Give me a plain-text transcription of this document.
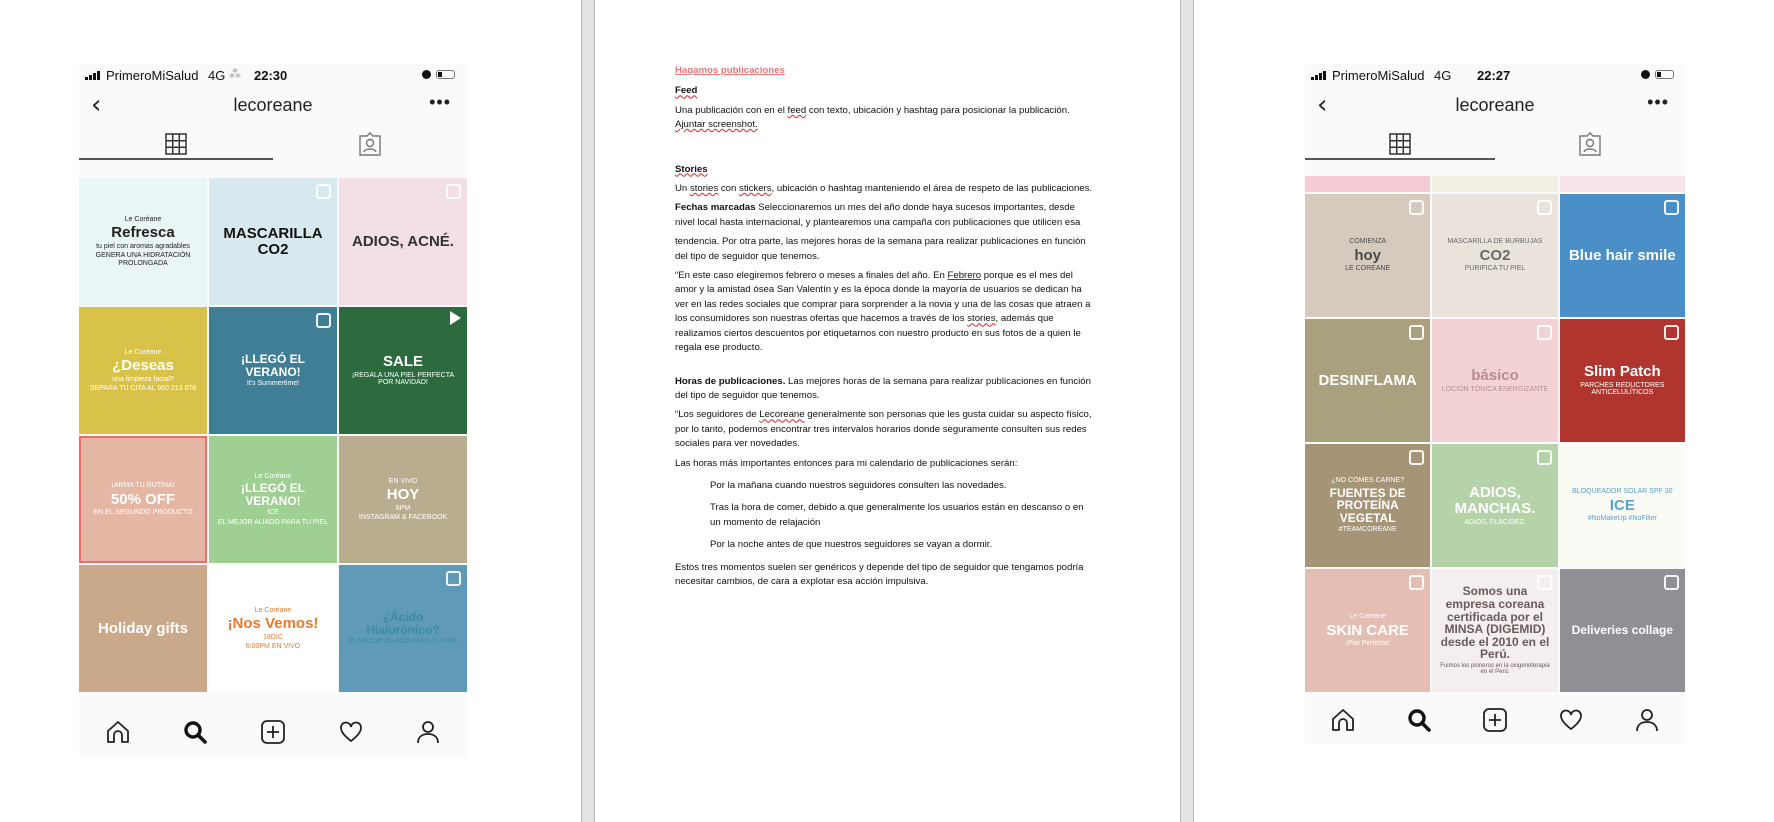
PrimeroMiSalud 4G ⁂ 22:30
‹	lecoreane	•••
Le Coréane
Refresca
tu piel con aromas agradables
GENERA UNA HIDRATACIÓN PROLONGADA
MASCARILLA CO2	ADIOS, ACNÉ.
Le Coréane
¿Deseas
una limpieza facial?
SEPARA TU CITA AL 960 213 076
¡LLEGÓ EL VERANO!
It's Summertime!
SALE
¡REGALA UNA PIEL PERFECTA POR NAVIDAD!
¡ARMA TU RUTINA!
50% OFF
EN EL SEGUNDO PRODUCTO
Le Coréane
¡LLEGÓ EL VERANO!
ICE
EL MEJOR ALIADO PARA TU PIEL
EN VIVO
HOY
6PM
INSTAGRAM & FACEBOOK
Holiday gifts
Le Coréane
¡Nos Vemos!
18DIC
6:00PM EN VIVO
¿Ácido Hialurónico?
EL MEJOR ALIADO PARA TU PIEL

Hagamos publicaciones

Feed

Una publicación con en el feed con texto, ubicación y hashtag para posicionar la publicación.
Ajuntar screenshot.

Stories

Un stories con stickers, ubicación o hashtag manteniendo el área de respeto de las publicaciones.

Fechas marcadas Seleccionaremos un mes del año donde haya sucesos importantes, desde nivel local hasta internacional, y plantearemos una campaña con publicaciones que utilicen esa

tendencia. Por otra parte, las mejores horas de la semana para realizar publicaciones en función del tipo de seguidor que tenemos.

“En este caso elegiremos febrero o meses a finales del año. En Febrero porque es el mes del amor y la amistad ósea San Valentín y es la época donde la mayoría de usuarios se dedican ha ver en las redes sociales que comprar para sorprender a la novia y una de las cosas que atraen a los consumidores son nuestras ofertas que hacemos a través de los stories, además que realizamos ciertos descuentos por etiquetarnos con nuestro producto en sus fotos de a quien le regala ese producto.

Horas de publicaciones. Las mejores horas de la semana para realizar publicaciones en función del tipo de seguidor que tenemos.

“Los seguidores de Lecoreane generalmente son personas que les gusta cuidar su aspecto físico, por lo tanto, podemos encontrar tres intervalos horarios donde seguramente consulten sus redes sociales para ver novedades.

Las horas más importantes entonces para mi calendario de publicaciones serán:

Por la mañana cuando nuestros seguidores consulten las novedades.

Tras la hora de comer, debido a que generalmente los usuarios están en descanso o en un momento de relajación

Por la noche antes de que nuestros seguidores se vayan a dormir.

Estos tres momentos suelen ser genéricos y depende del tipo de seguidor que tengamos podría necesitar cambios, de cara a explotar esa acción impulsiva.

PrimeroMiSalud 4G 22:27
‹	lecoreane	•••
COMIENZA
hoy
LE COREANE
MASCARILLA DE BURBUJAS
CO2
PURIFICA TU PIEL
Blue hair smile
DESINFLAMA	básico
LOCIÓN TÓNICA ENERGIZANTE
Slim Patch
PARCHES REDUCTORES ANTICELULÍTICOS
¿NO COMES CARNE?
FUENTES DE PROTEÍNA VEGETAL
#TEAMCOREANE
ADIOS, MANCHAS.
ADIOS, FLACIDEZ.
BLOQUEADOR SOLAR SPF 30
ICE
#NoMakeUp #NoFilter
Le Coreane
SKIN CARE
¡Piel Perfecta!
Somos una empresa coreana certificada por el MINSA (DIGEMID) desde el 2010 en el Perú.
Fuimos los pioneros en la oxigenoterapia en el Perú.
Deliveries collage
